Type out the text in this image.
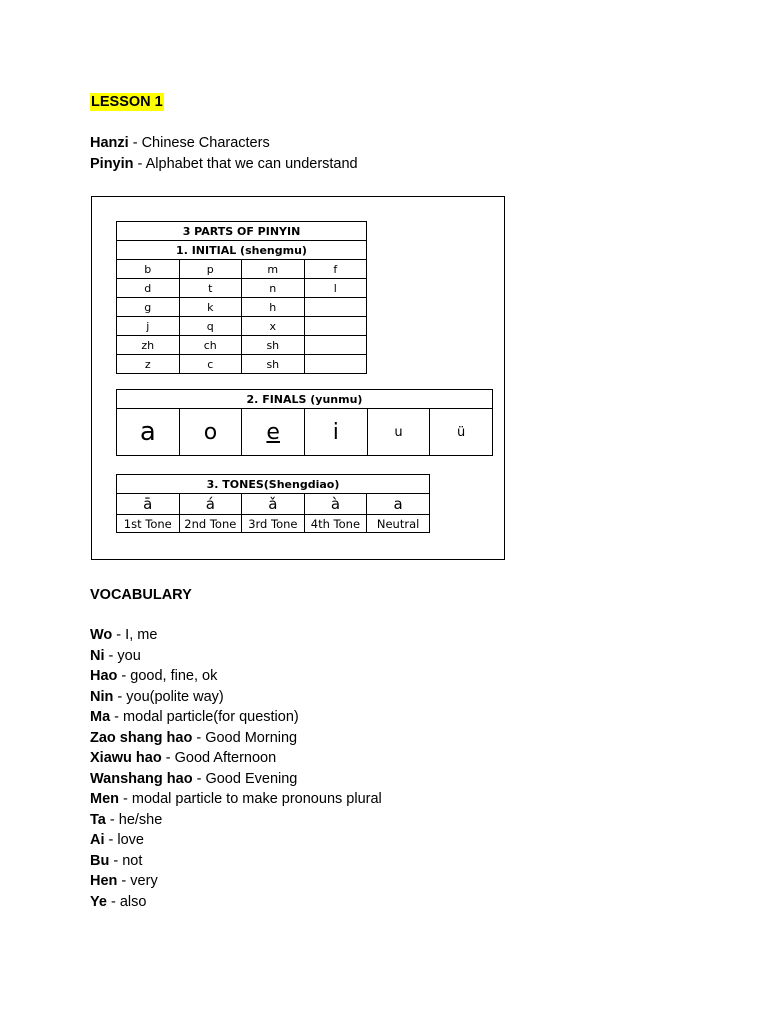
LESSON 1
Hanzi - Chinese Characters
Pinyin - Alphabet that we can understand
3 PARTS OF PINYIN			
1. INITIAL (shengmu)			
b	p	m	f
d	t	n	l
g	k	h	
j	q	x	
zh	ch	sh	
z	c	sh	
2. FINALS (yunmu)
a	o	e	i	u	ü
3. TONES(Shengdiao)				
ā	á	ǎ	à	a
1st Tone	2nd Tone	3rd Tone	4th Tone	Neutral
VOCABULARY
Wo - I, me
Ni - you
Hao - good, fine, ok
Nin - you(polite way)
Ma - modal particle(for question)
Zao shang hao - Good Morning
Xiawu hao - Good Afternoon
Wanshang hao - Good Evening
Men - modal particle to make pronouns plural
Ta - he/she
Ai - love
Bu - not
Hen - very
Ye - also
